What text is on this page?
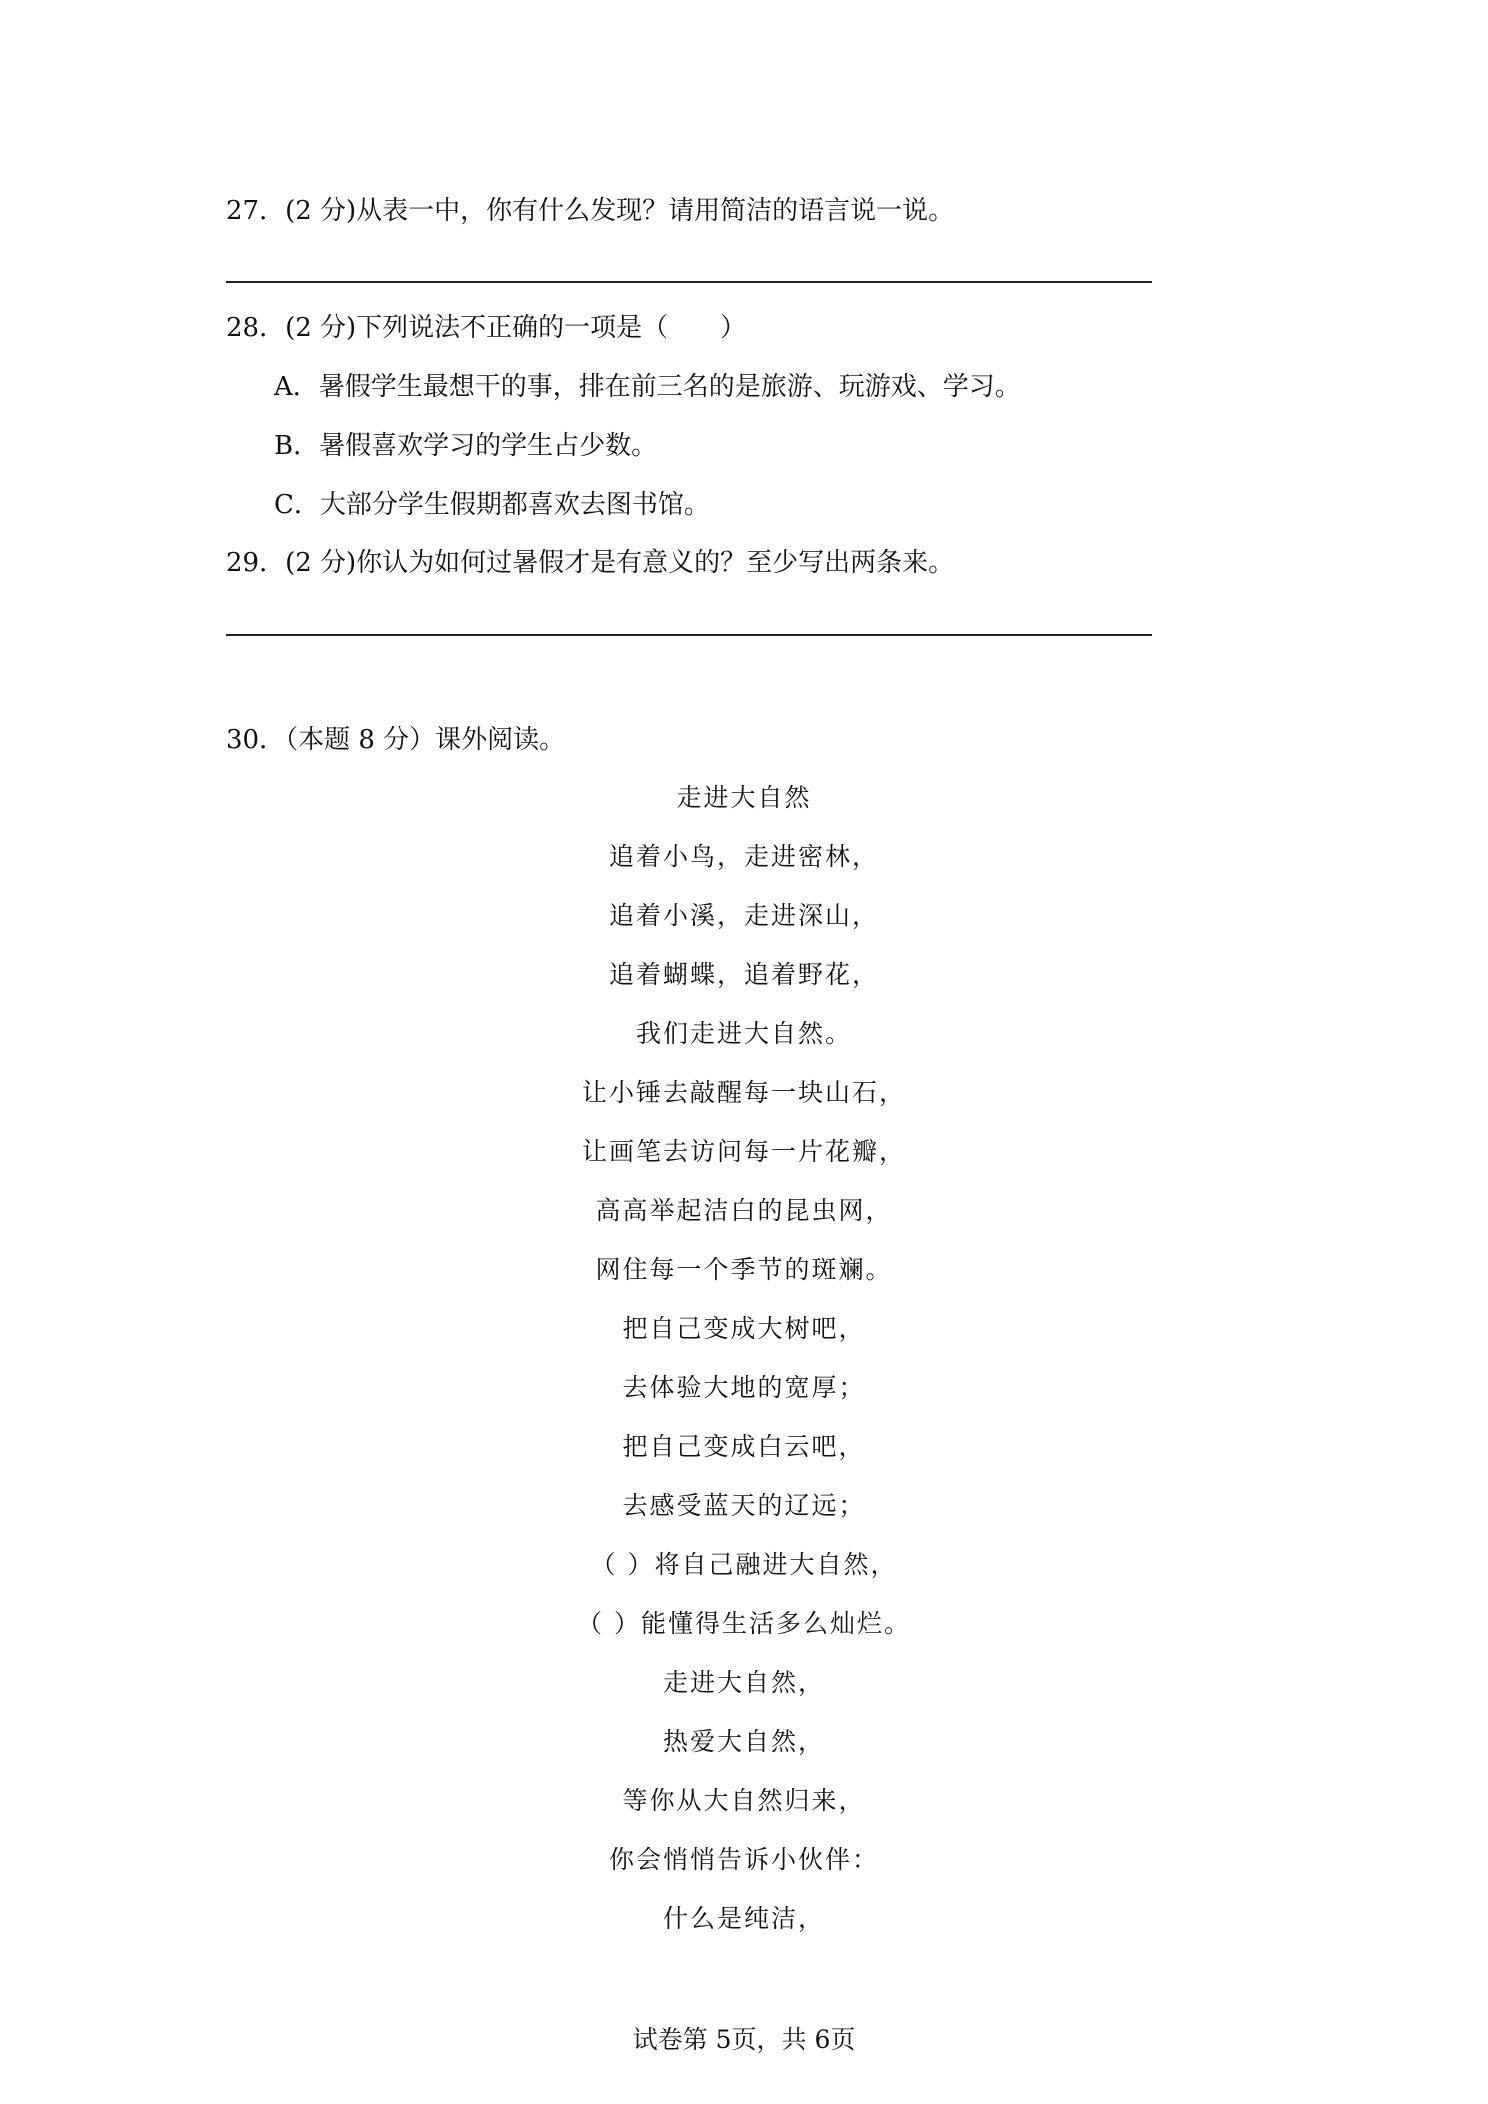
27．(2 分)从表一中，你有什么发现？请用简洁的语言说一说。
28．(2 分)下列说法不正确的一项是（　　）
A．暑假学生最想干的事，排在前三名的是旅游、玩游戏、学习。
B．暑假喜欢学习的学生占少数。
C．大部分学生假期都喜欢去图书馆。
29．(2 分)你认为如何过暑假才是有意义的？至少写出两条来。
30．（本题 8 分）课外阅读。
走进大自然
追着小鸟，走进密林，
追着小溪，走进深山，
追着蝴蝶，追着野花，
我们走进大自然。
让小锤去敲醒每一块山石，
让画笔去访问每一片花瓣，
高高举起洁白的昆虫网，
网住每一个季节的斑斓。
把自己变成大树吧，
去体验大地的宽厚；
把自己变成白云吧，
去感受蓝天的辽远；
（ ）将自己融进大自然，
（ ）能懂得生活多么灿烂。
走进大自然，
热爱大自然，
等你从大自然归来，
你会悄悄告诉小伙伴：
什么是纯洁，
试卷第 5页，共 6页
